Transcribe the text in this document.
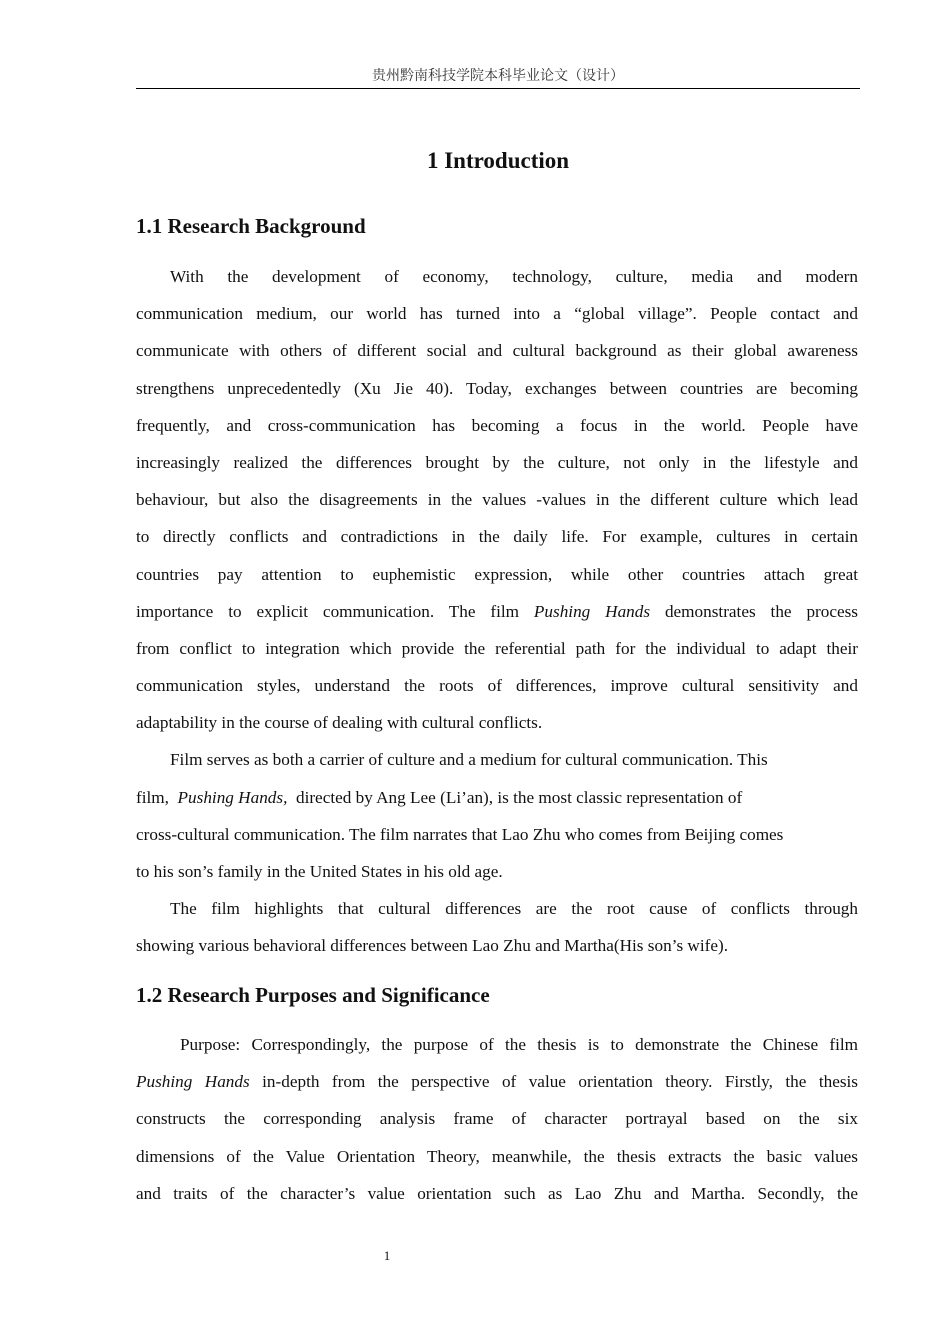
贵州黔南科技学院本科毕业论文（设计）
1 Introduction
1.1 Research Background
With the development of economy, technology, culture, media and modern
communication medium, our world has turned into a “global village”. People contact and
communicate with others of different social and cultural background as their global awareness
strengthens unprecedentedly (Xu Jie 40). Today, exchanges between countries are becoming
frequently, and cross-communication has becoming a focus in the world. People have
increasingly realized the differences brought by the culture, not only in the lifestyle and
behaviour, but also the disagreements in the values -values in the different culture which lead
to directly conflicts and contradictions in the daily life. For example, cultures in certain
countries pay attention to euphemistic expression, while other countries attach great
importance to explicit communication. The film Pushing Hands demonstrates the process
from conflict to integration which provide the referential path for the individual to adapt their
communication styles, understand the roots of differences, improve cultural sensitivity and
adaptability in the course of dealing with cultural conflicts.
Film serves as both a carrier of culture and a medium for cultural communication. This
film, Pushing Hands, directed by Ang Lee (Li’an), is the most classic representation of
cross-cultural communication. The film narrates that Lao Zhu who comes from Beijing comes
to his son’s family in the United States in his old age.
The film highlights that cultural differences are the root cause of conflicts through
showing various behavioral differences between Lao Zhu and Martha(His son’s wife).
1.2 Research Purposes and Significance
Purpose: Correspondingly, the purpose of the thesis is to demonstrate the Chinese film
Pushing Hands in-depth from the perspective of value orientation theory. Firstly, the thesis
constructs the corresponding analysis frame of character portrayal based on the six
dimensions of the Value Orientation Theory, meanwhile, the thesis extracts the basic values
and traits of the character’s value orientation such as Lao Zhu and Martha. Secondly, the
1
